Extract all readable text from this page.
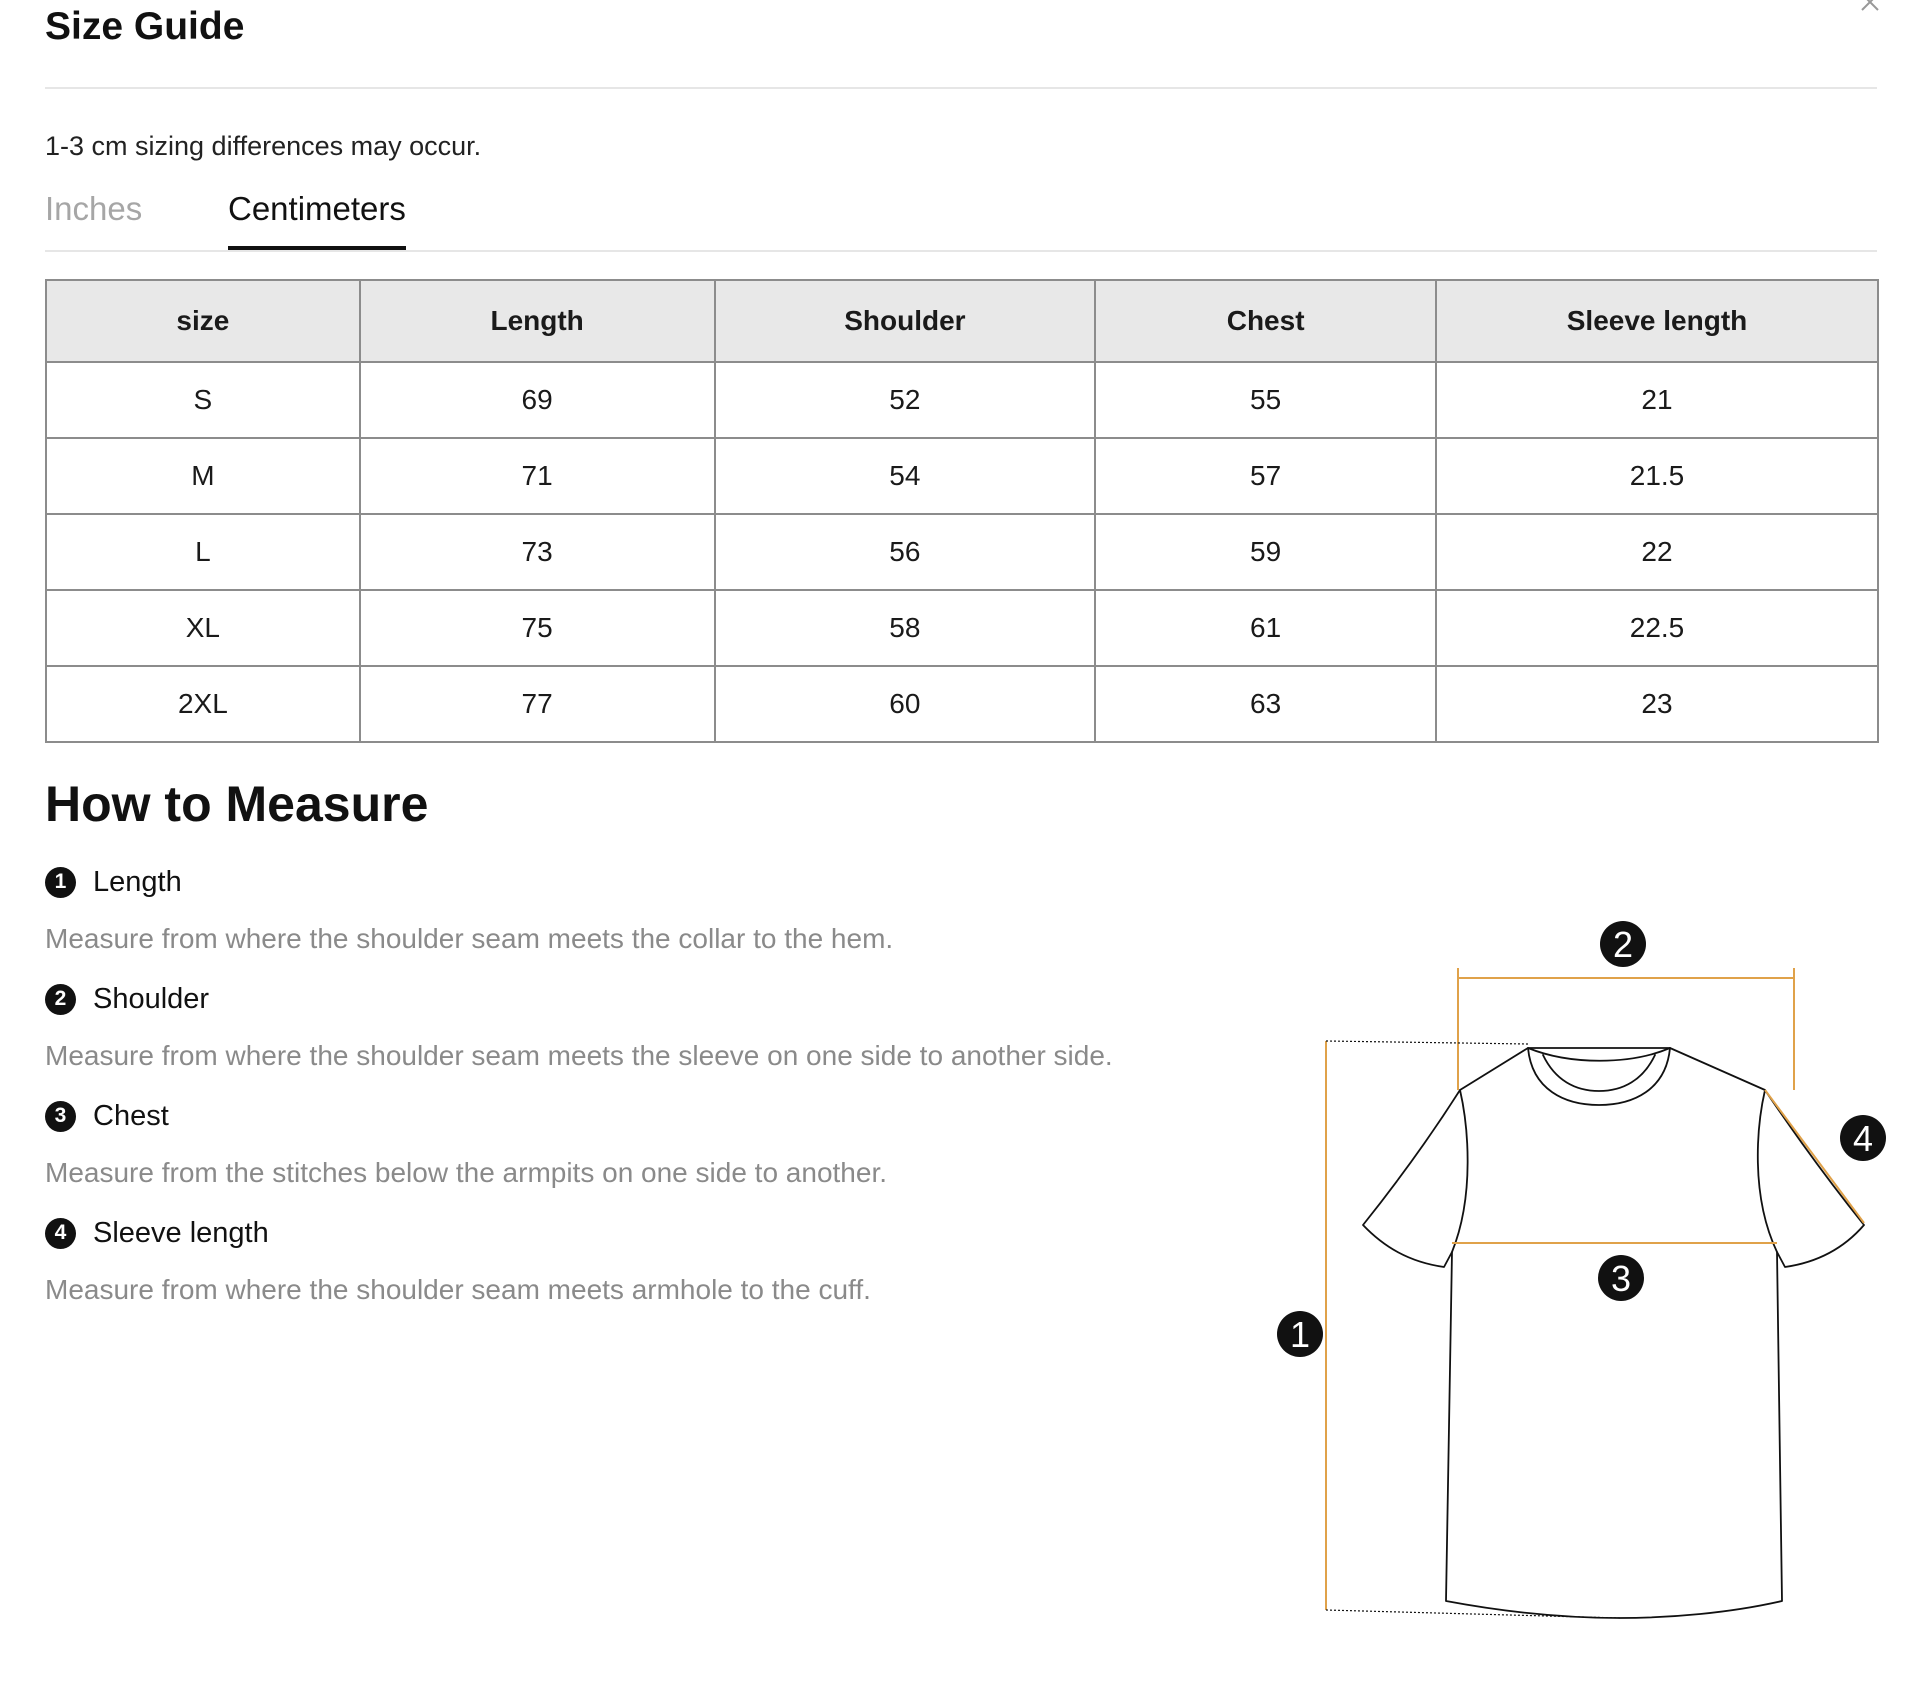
Size Guide
1-3 cm sizing differences may occur.
Inches	Centimeters
size	Length	Shoulder	Chest	Sleeve length
S	69	52	55	21
M	71	54	57	21.5
L	73	56	59	22
XL	75	58	61	22.5
2XL	77	60	63	23
How to Measure
1 Length
Measure from where the shoulder seam meets the collar to the hem.
2 Shoulder
Measure from where the shoulder seam meets the sleeve on one side to another side.
3 Chest
Measure from the stitches below the armpits on one side to another.
4 Sleeve length
Measure from where the shoulder seam meets armhole to the cuff.
2
3
1
4
